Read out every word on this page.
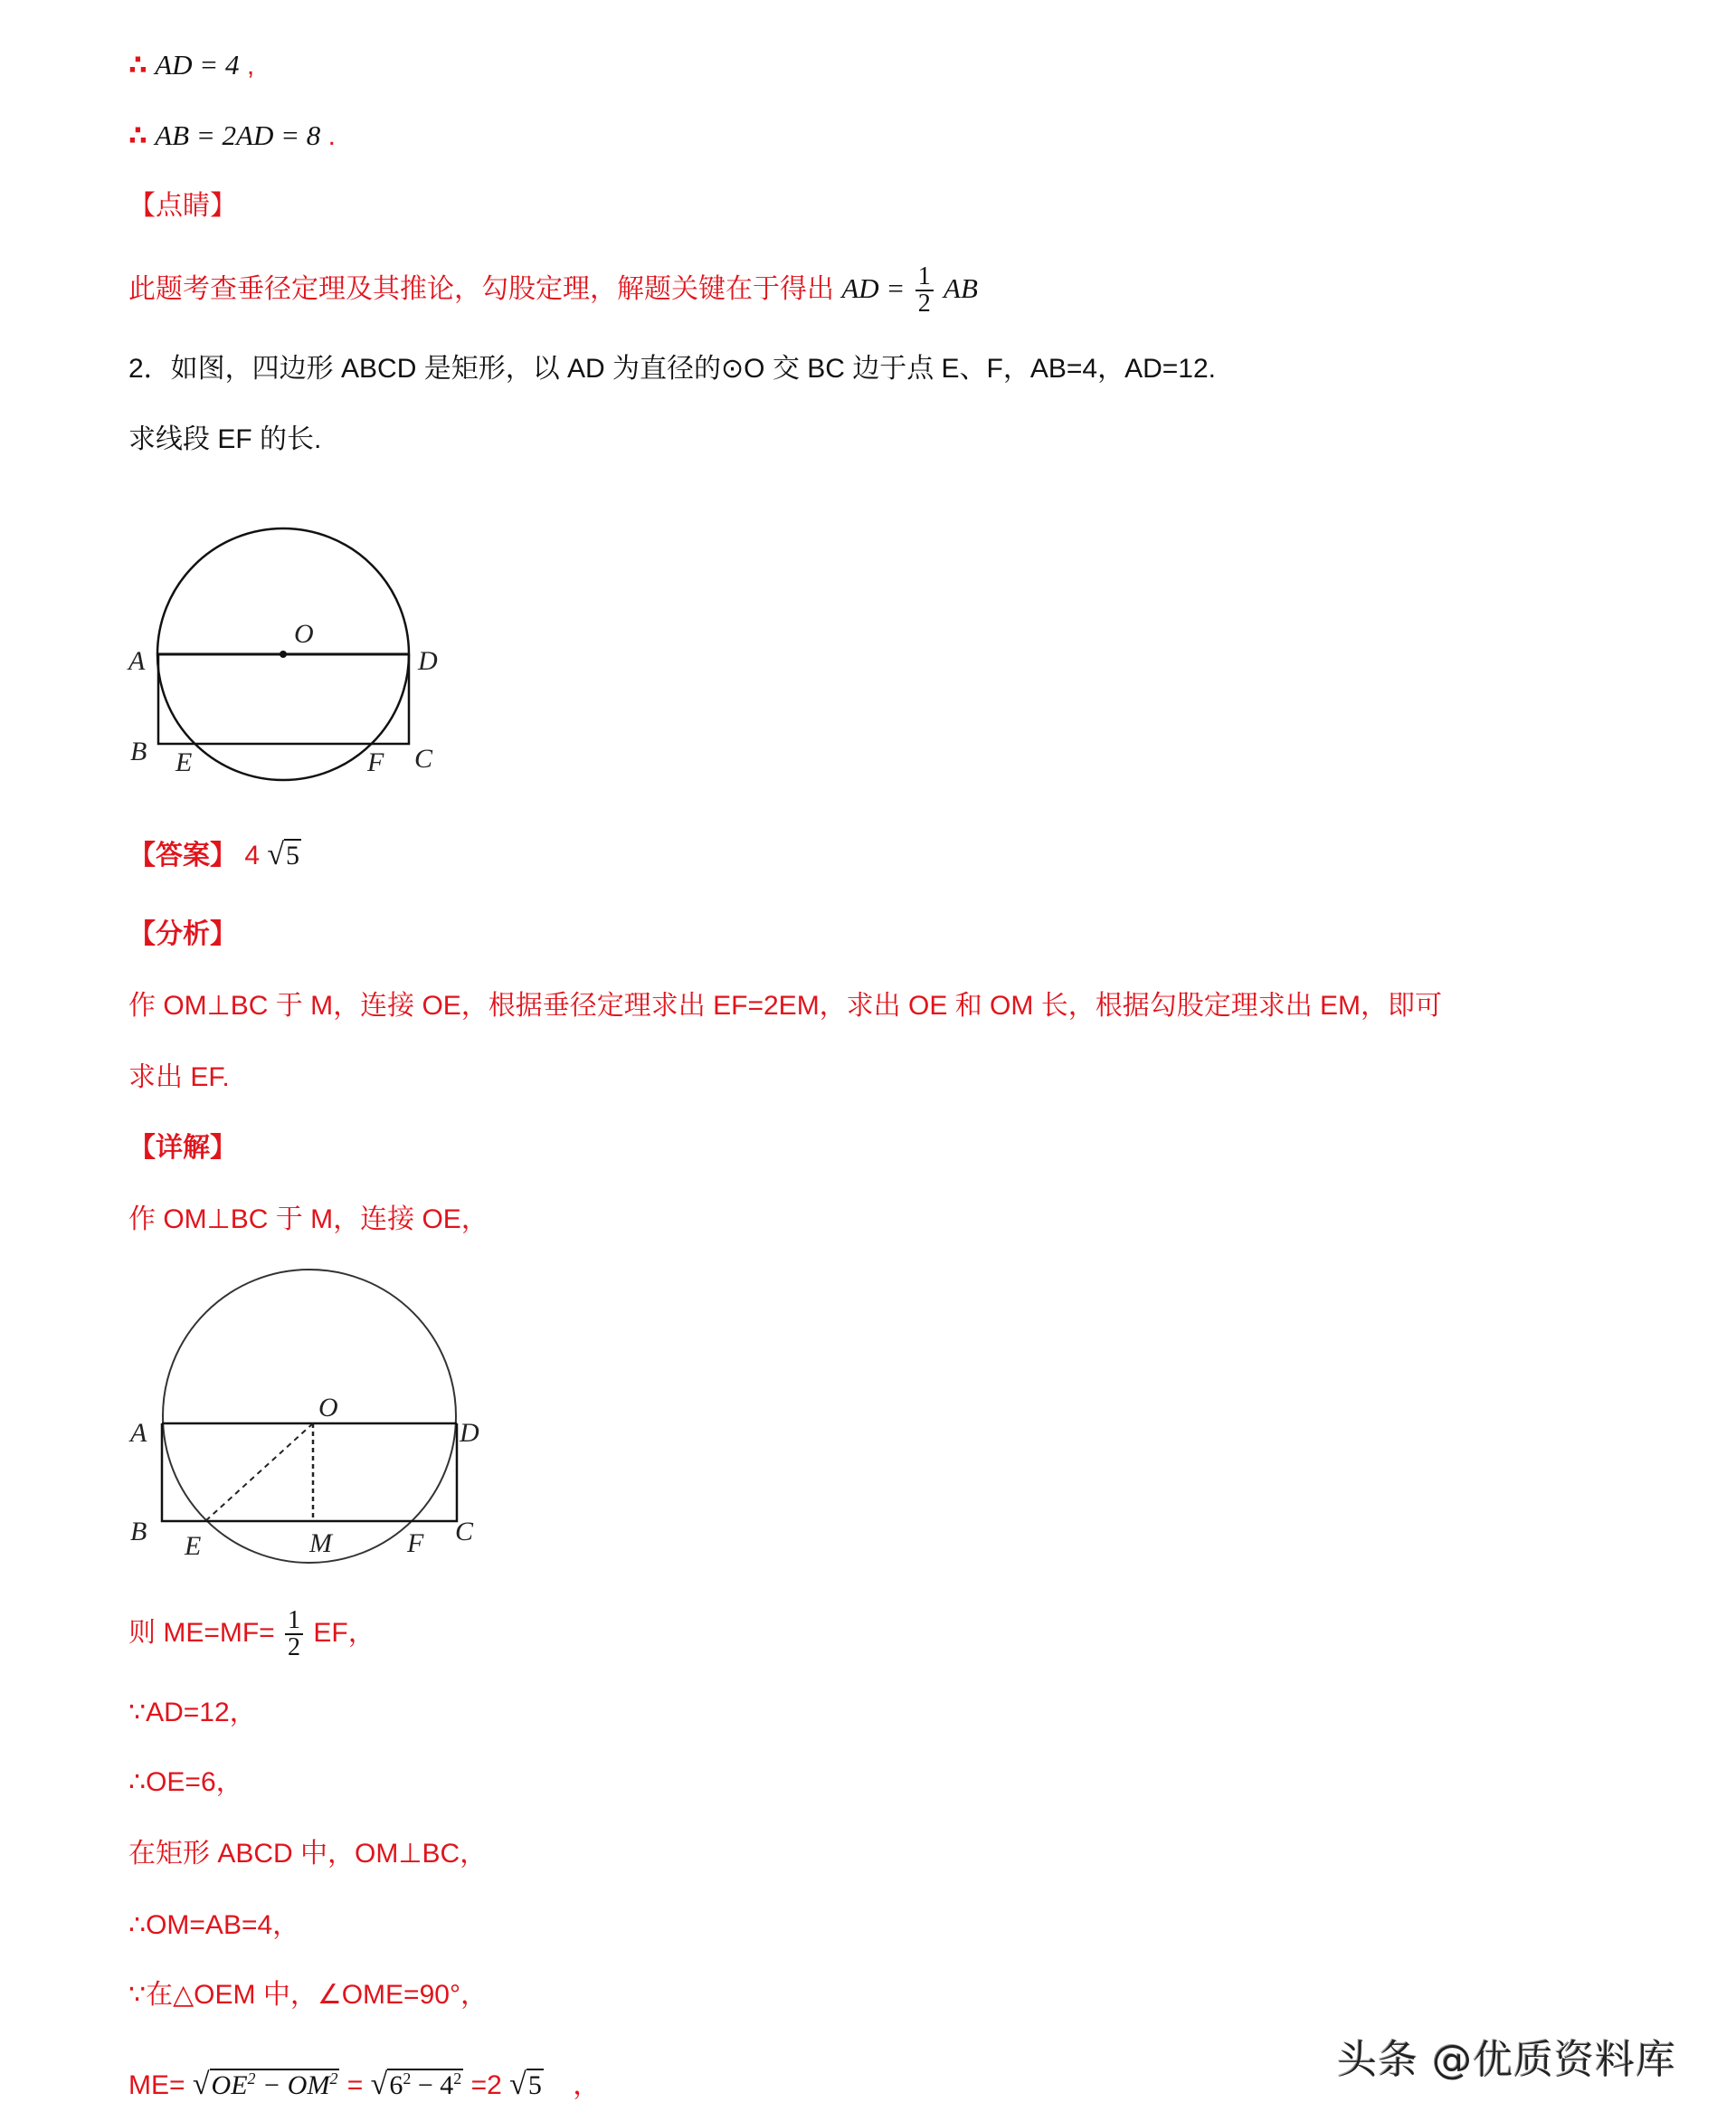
∴ AD = 4 ,
∴ AB = 2AD = 8 .
【点睛】
此题考查垂径定理及其推论，勾股定理，解题关键在于得出 AD = $\frac{1}{2}$ AB
2．如图，四边形 ABCD 是矩形，以 AD 为直径的⊙O 交 BC 边于点 E、F，AB=4，AD=12.
求线段 EF 的长.
O
A	D
B E	F C
【答案】 4 √5
【分析】
作 OM⊥BC 于 M，连接 OE，根据垂径定理求出 EF=2EM，求出 OE 和 OM 长，根据勾股定理求出 EM，即可
求出 EF.
【详解】
作 OM⊥BC 于 M，连接 OE，
O
A	D
B E	M	F C
则 $ME=MF= \frac{1}{2}$ EF，
∵AD=12，
∴OE=6，
在矩形 ABCD 中，OM⊥BC，
∴OM=AB=4，
∵在△OEM 中，∠OME=90°，
$ME= √OE^2 - OM^2 = √6^2 - 4^2 =2$ √5 ，
头条 @优质资料库
